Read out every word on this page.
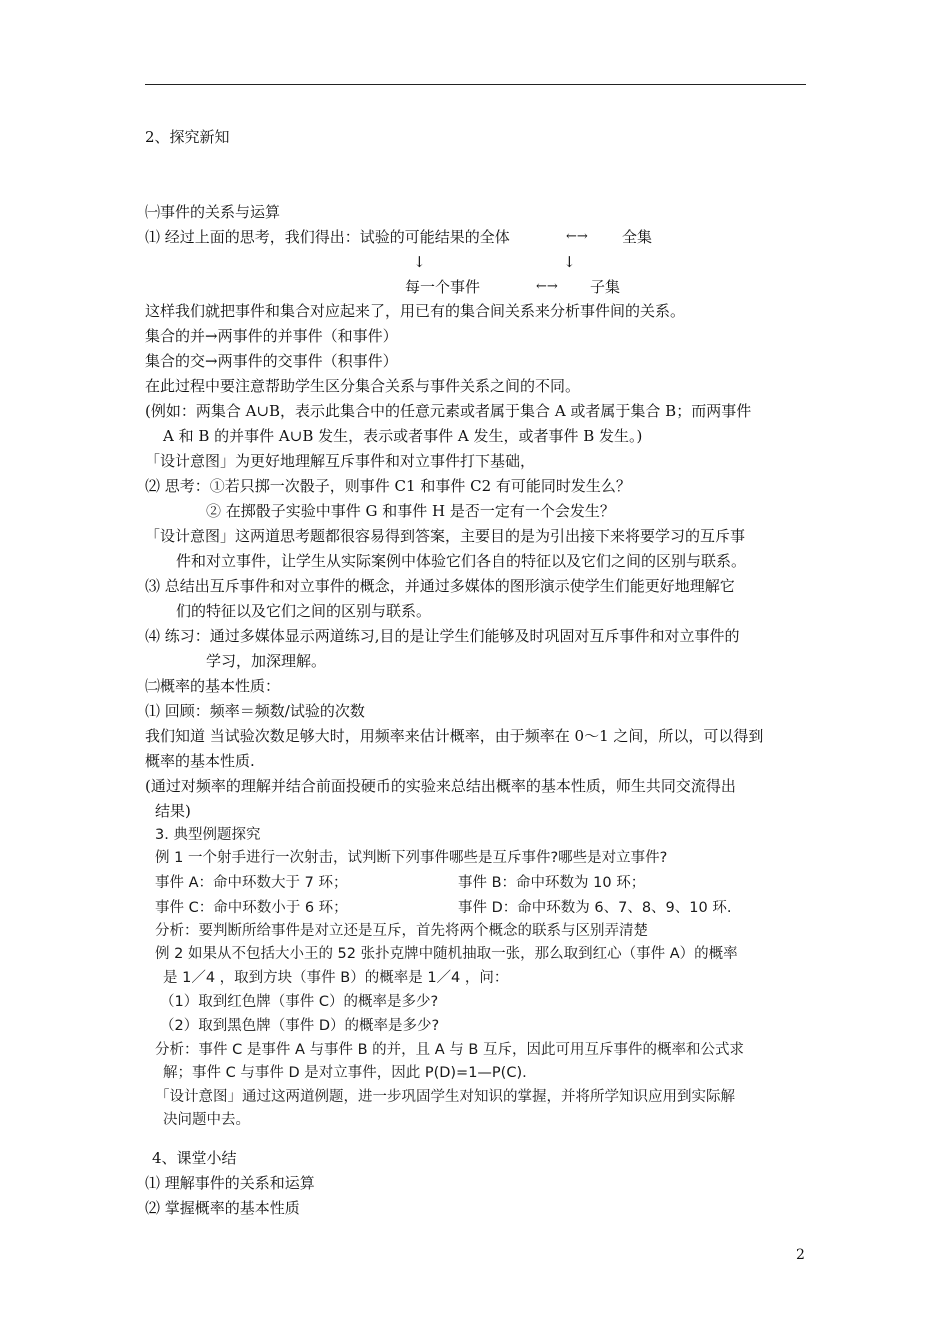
2、探究新知
㈠事件的关系与运算
⑴ 经过上面的思考，我们得出：试验的可能结果的全体	←→ 全集
↓	↓
每一个事件	←→ 子集
这样我们就把事件和集合对应起来了，用已有的集合间关系来分析事件间的关系。
集合的并→两事件的并事件（和事件）
集合的交→两事件的交事件（积事件）
在此过程中要注意帮助学生区分集合关系与事件关系之间的不同。
(例如：两集合 A∪B，表示此集合中的任意元素或者属于集合 A 或者属于集合 B；而两事件
A 和 B 的并事件 A∪B 发生，表示或者事件 A 发生，或者事件 B 发生。)
「设计意图」为更好地理解互斥事件和对立事件打下基础，
⑵ 思考：①若只掷一次骰子，则事件 C1 和事件 C2 有可能同时发生么？
② 在掷骰子实验中事件 G 和事件 H 是否一定有一个会发生？
「设计意图」这两道思考题都很容易得到答案，主要目的是为引出接下来将要学习的互斥事
件和对立事件，让学生从实际案例中体验它们各自的特征以及它们之间的区别与联系。
⑶ 总结出互斥事件和对立事件的概念，并通过多媒体的图形演示使学生们能更好地理解它
们的特征以及它们之间的区别与联系。
⑷ 练习：通过多媒体显示两道练习,目的是让学生们能够及时巩固对互斥事件和对立事件的
学习，加深理解。
㈡概率的基本性质：
⑴ 回顾：频率＝频数/试验的次数
我们知道 当试验次数足够大时，用频率来估计概率，由于频率在 0～1 之间，所以，可以得到
概率的基本性质.
(通过对频率的理解并结合前面投硬币的实验来总结出概率的基本性质，师生共同交流得出
结果)
3. 典型例题探究
例 1 一个射手进行一次射击，试判断下列事件哪些是互斥事件?哪些是对立事件?
事件 A：命中环数大于 7 环；	事件 B：命中环数为 10 环；
事件 C：命中环数小于 6 环；	事件 D：命中环数为 6、7、8、9、10 环.
分析：要判断所给事件是对立还是互斥，首先将两个概念的联系与区别弄清楚
例 2 如果从不包括大小王的 52 张扑克牌中随机抽取一张，那么取到红心（事件 A）的概率
是 1／4 ，取到方块（事件 B）的概率是 1／4 ，问：
（1）取到红色牌（事件 C）的概率是多少?
（2）取到黑色牌（事件 D）的概率是多少?
分析：事件 C 是事件 A 与事件 B 的并，且 A 与 B 互斥，因此可用互斥事件的概率和公式求
解；事件 C 与事件 D 是对立事件，因此 P(D)=1—P(C).
「设计意图」通过这两道例题，进一步巩固学生对知识的掌握，并将所学知识应用到实际解
决问题中去。
4、课堂小结
⑴ 理解事件的关系和运算
⑵ 掌握概率的基本性质
2
